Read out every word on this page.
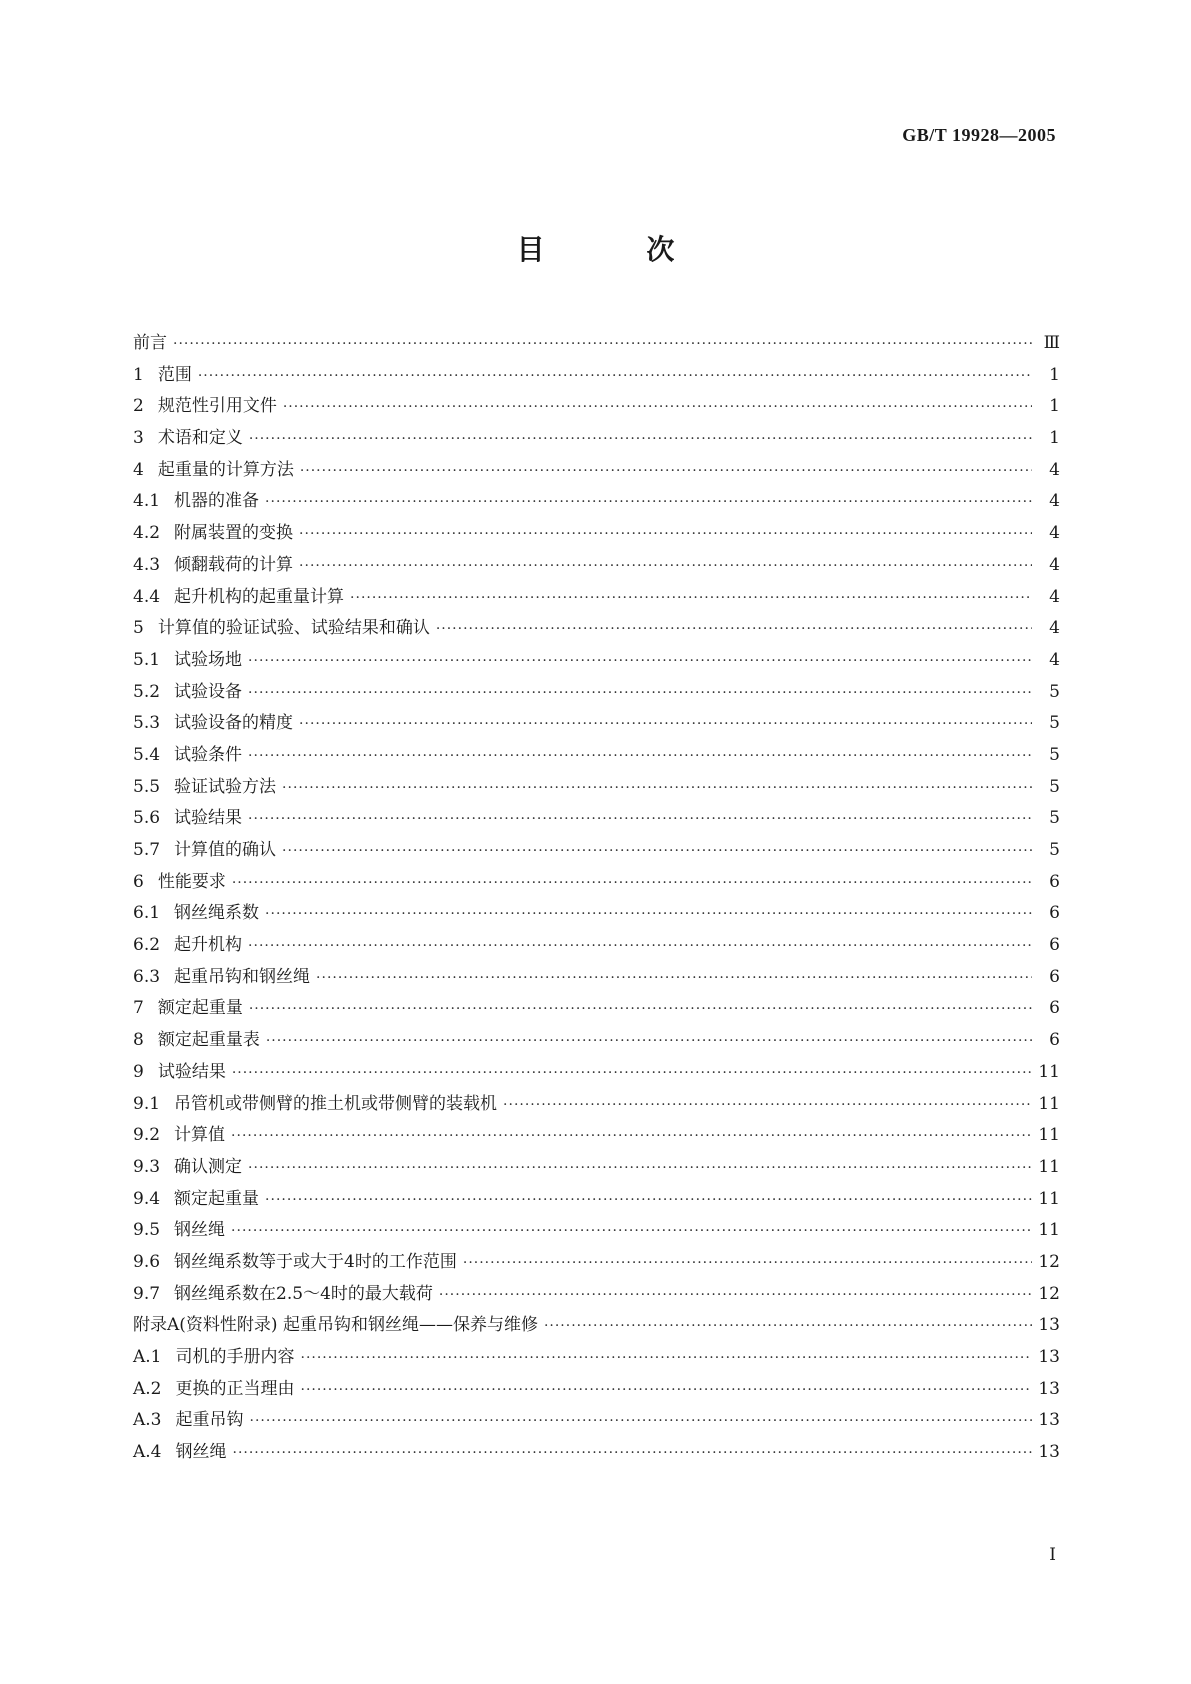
GB/T 19928—2005
目 次
前言 ·····	Ⅲ
1 范围 ·····	1
2 规范性引用文件 ·····	1
3 术语和定义 ·····	1
4 起重量的计算方法 ·····	4
4.1 机器的准备 ·····	4
4.2 附属装置的变换 ·····	4
4.3 倾翻载荷的计算 ·····	4
4.4 起升机构的起重量计算 ·····	4
5 计算值的验证试验、试验结果和确认 ·····	4
5.1 试验场地 ·····	4
5.2 试验设备 ·····	5
5.3 试验设备的精度 ·····	5
5.4 试验条件 ·····	5
5.5 验证试验方法 ·····	5
5.6 试验结果 ·····	5
5.7 计算值的确认 ·····	5
6 性能要求 ·····	6
6.1 钢丝绳系数 ·····	6
6.2 起升机构 ·····	6
6.3 起重吊钩和钢丝绳 ·····	6
7 额定起重量 ·····	6
8 额定起重量表 ·····	6
9 试验结果 ·····	11
9.1 吊管机或带侧臂的推土机或带侧臂的装载机 ·····	11
9.2 计算值 ·····	11
9.3 确认测定 ·····	11
9.4 额定起重量 ·····	11
9.5 钢丝绳 ·····	11
9.6 钢丝绳系数等于或大于4时的工作范围 ·····	12
9.7 钢丝绳系数在2.5～4时的最大载荷 ·····	12
附录A(资料性附录) 起重吊钩和钢丝绳——保养与维修 ·····	13
A.1 司机的手册内容 ·····	13
A.2 更换的正当理由 ·····	13
A.3 起重吊钩 ·····	13
A.4 钢丝绳 ·····	13
Ⅰ
